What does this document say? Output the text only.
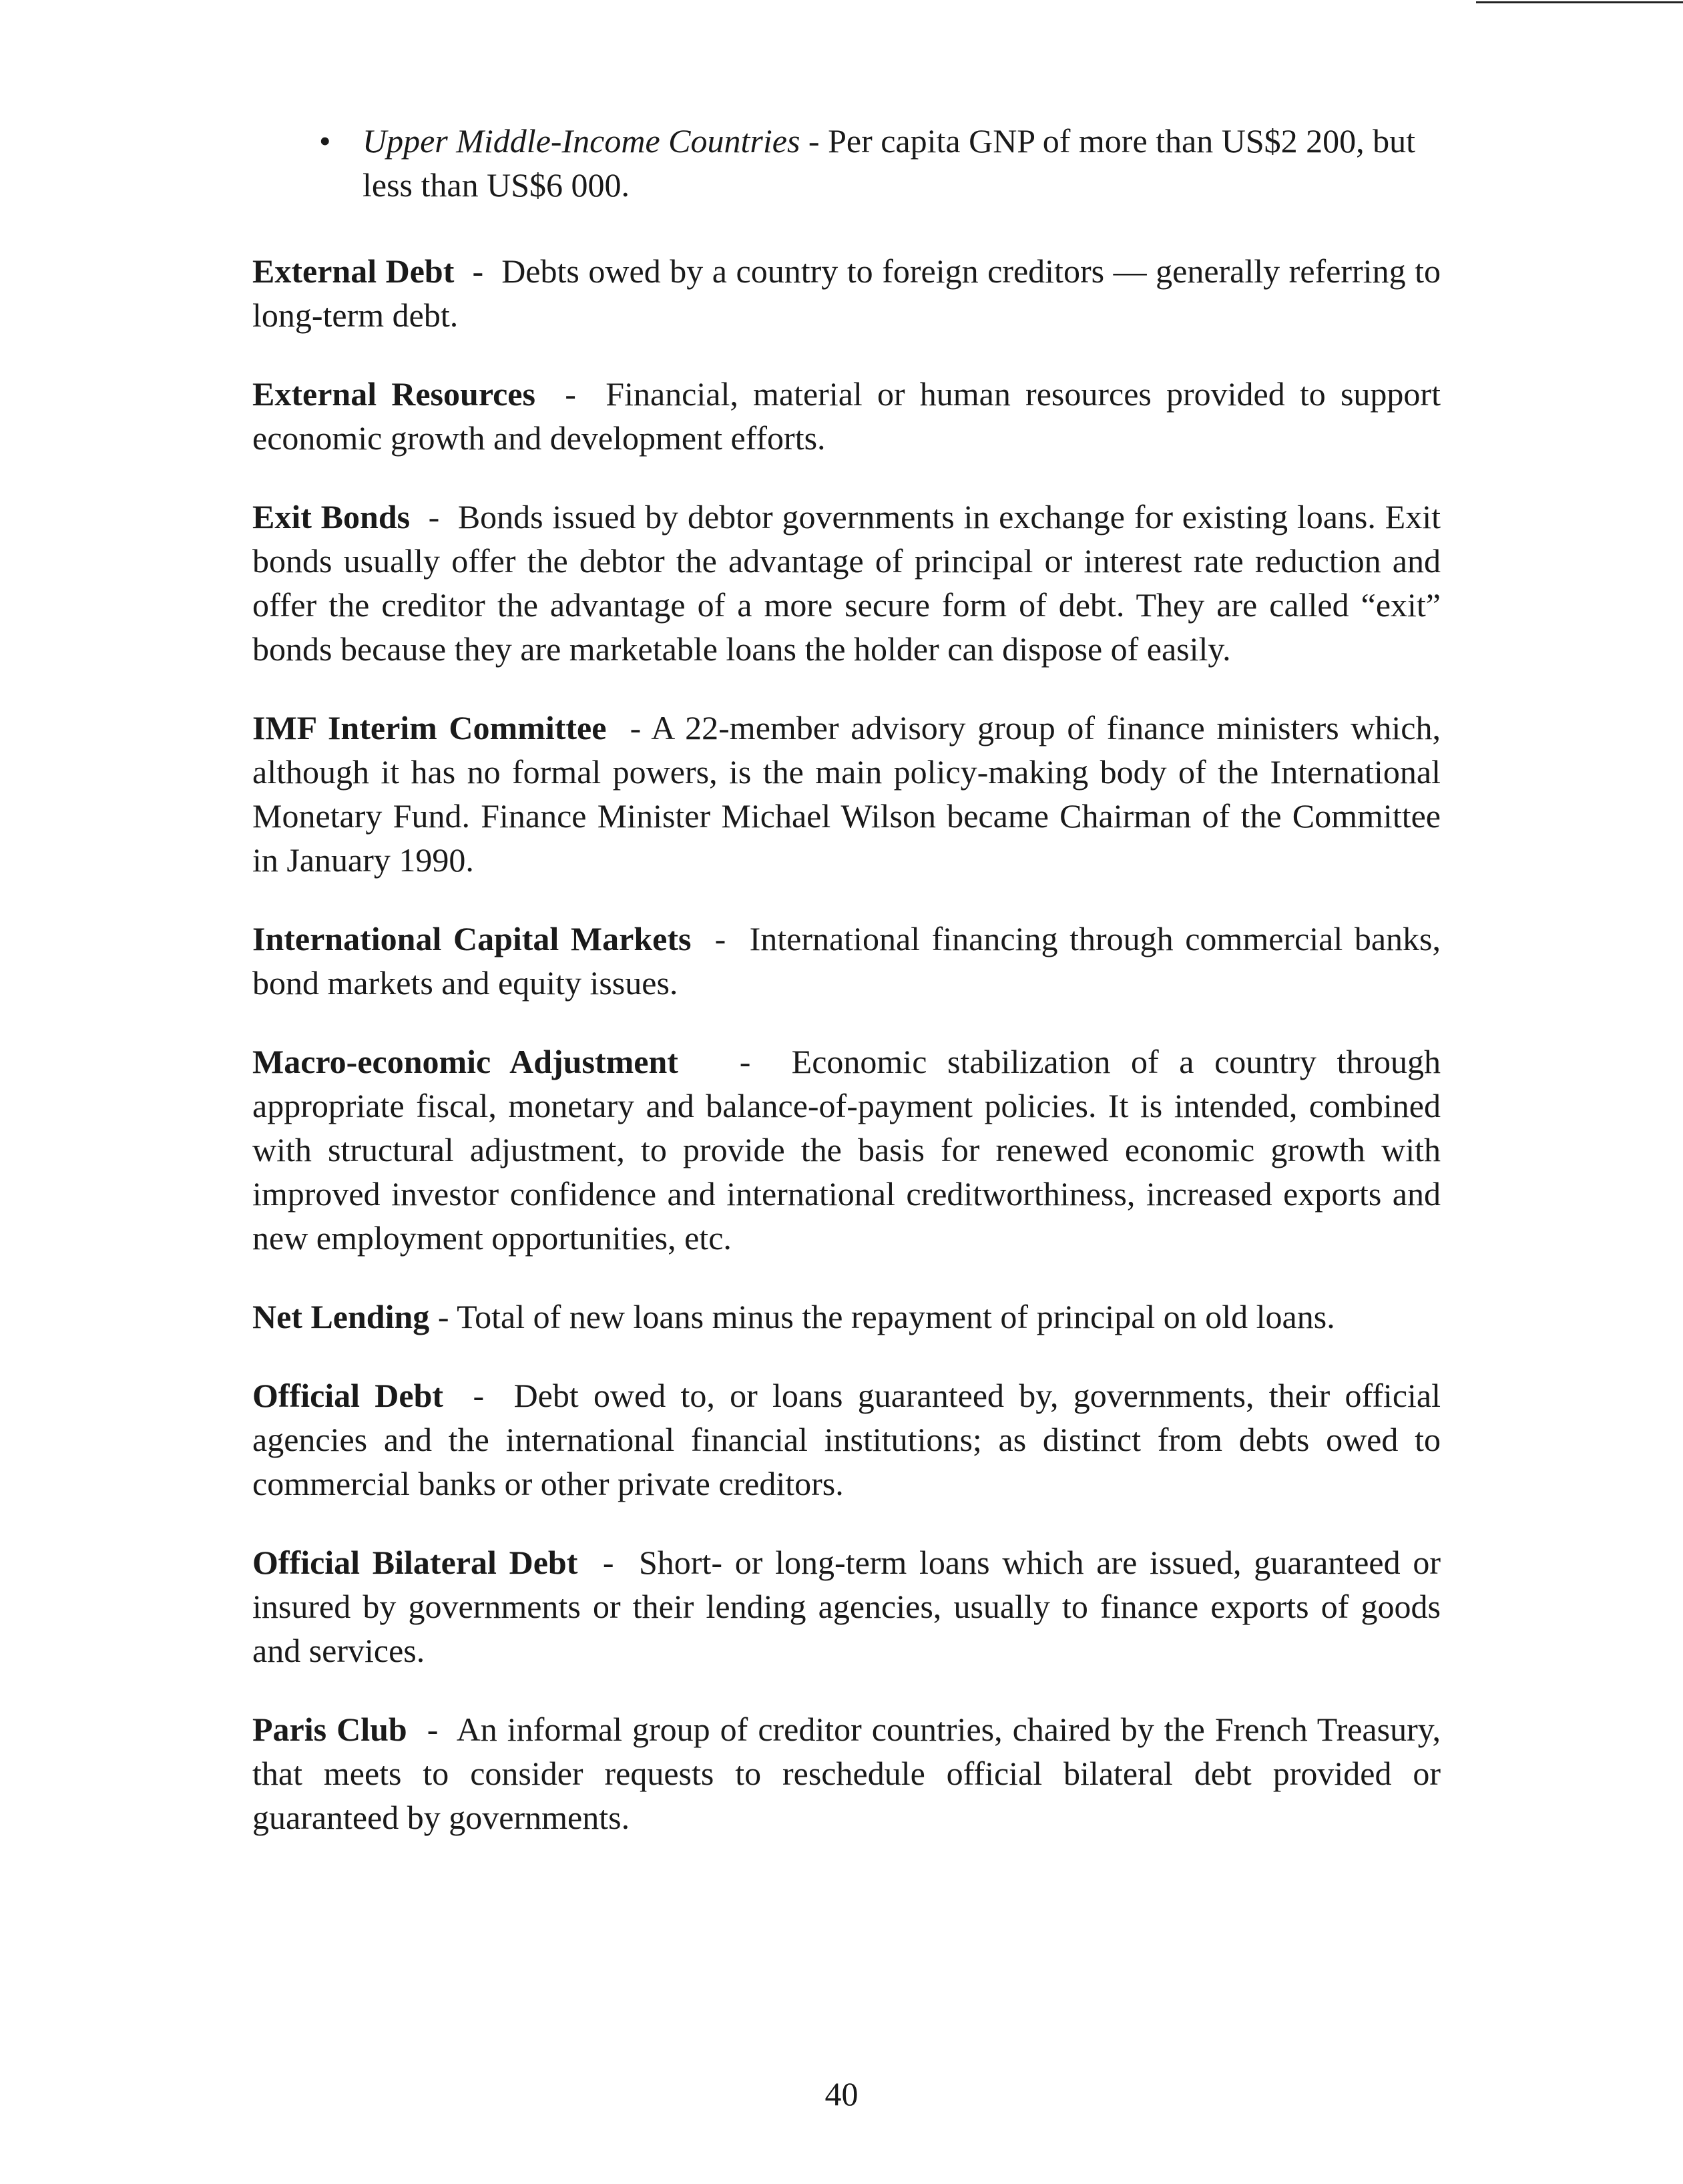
• Upper Middle-Income Countries - Per capita GNP of more than US$2 200, but less than US$6 000.

External Debt  -  Debts owed by a country to foreign creditors — generally referring to long-term debt.

External Resources  -  Financial, material or human resources provided to support economic growth and development efforts.

Exit Bonds  -  Bonds issued by debtor governments in exchange for existing loans. Exit bonds usually offer the debtor the advantage of principal or interest rate reduction and offer the creditor the advantage of a more secure form of debt. They are called “exit” bonds because they are marketable loans the holder can dispose of easily.

IMF Interim Committee  - A 22-member advisory group of finance ministers which, although it has no formal powers, is the main policy-making body of the International Monetary Fund. Finance Minister Michael Wilson became Chairman of the Committee in January 1990.

International Capital Markets  -  International financing through commercial banks, bond markets and equity issues.

Macro-economic Adjustment   -  Economic stabilization of a country through appropriate fiscal, monetary and balance-of-payment policies. It is intended, combined with structural adjustment, to provide the basis for renewed economic growth with improved investor confidence and international creditworthiness, increased exports and new employment opportunities, etc.

Net Lending - Total of new loans minus the repayment of principal on old loans.

Official Debt  -  Debt owed to, or loans guaranteed by, governments, their official agencies and the international financial institutions; as distinct from debts owed to commercial banks or other private creditors.

Official Bilateral Debt  -  Short- or long-term loans which are issued, guaranteed or insured by governments or their lending agencies, usually to finance exports of goods and services.

Paris Club  -  An informal group of creditor countries, chaired by the French Treasury, that meets to consider requests to reschedule official bilateral debt provided or guaranteed by governments.

40
